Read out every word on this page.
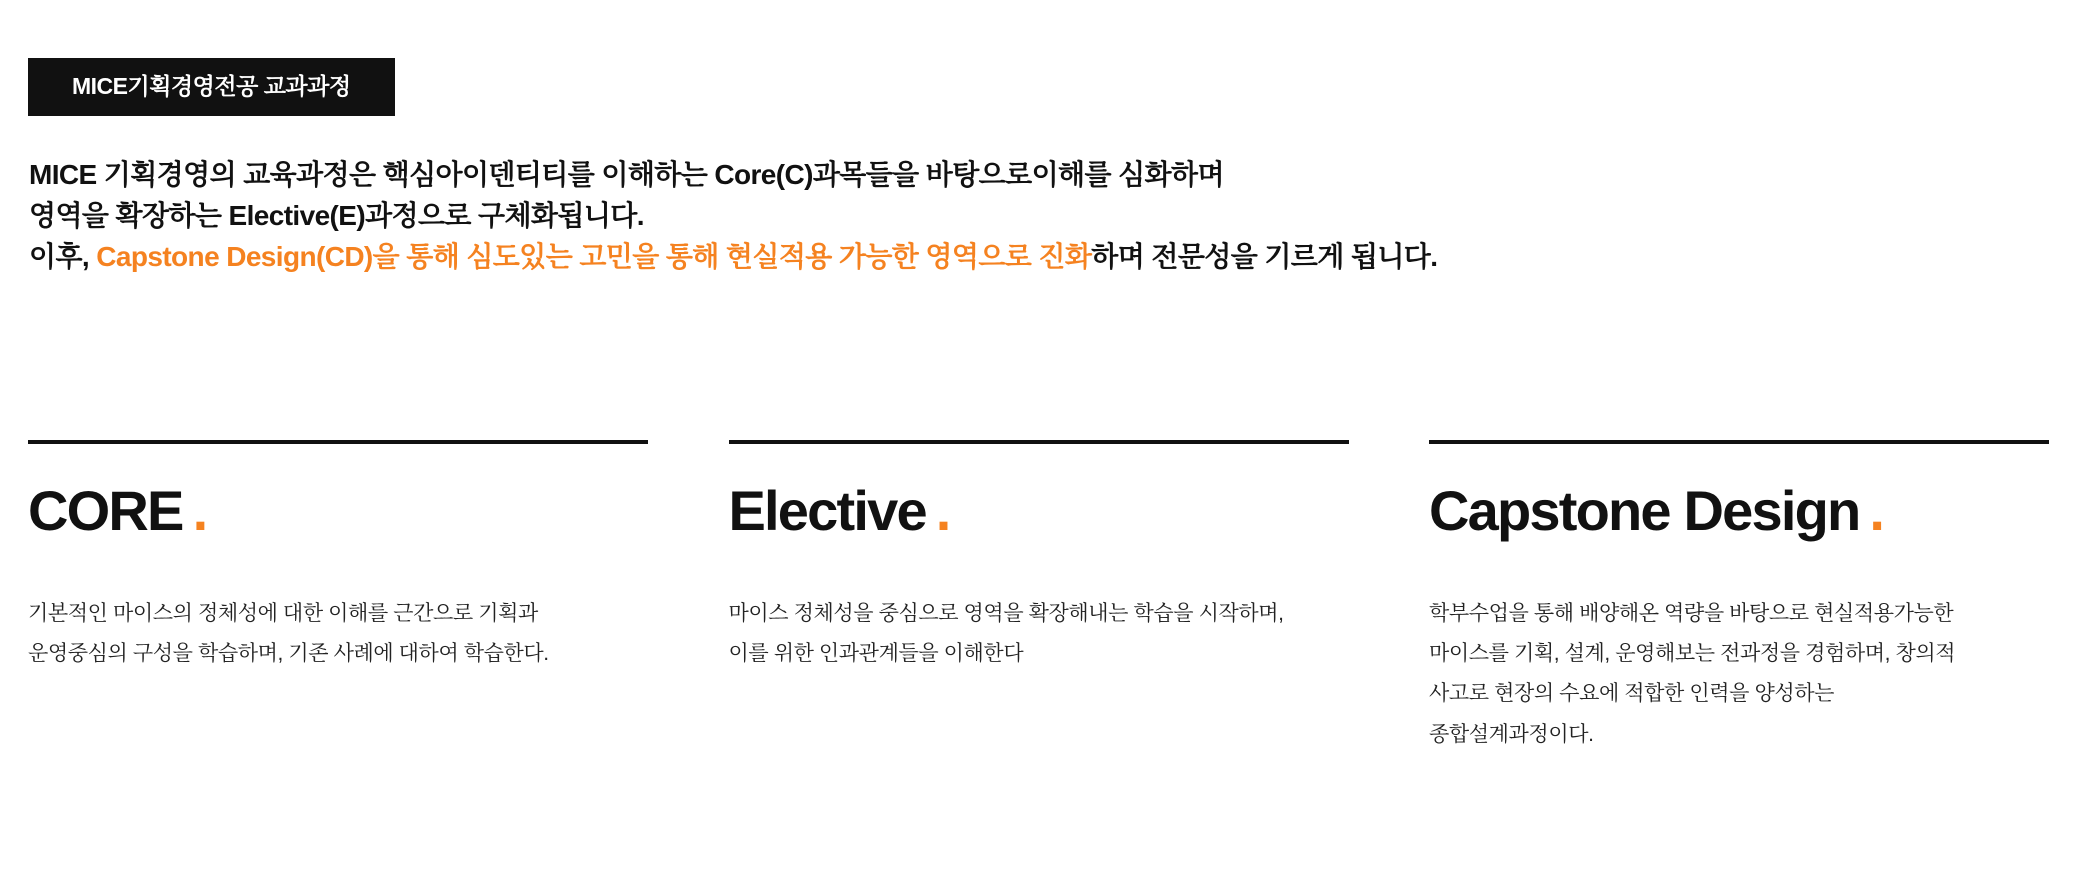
MICE기획경영전공 교과과정
MICE 기획경영의 교육과정은 핵심아이덴티티를 이해하는 Core(C)과목들을 바탕으로이해를 심화하며
영역을 확장하는 Elective(E)과정으로 구체화됩니다.
이후, Capstone Design(CD)을 통해 심도있는 고민을 통해 현실적용 가능한 영역으로 진화하며 전문성을 기르게 됩니다.
CORE .
기본적인 마이스의 정체성에 대한 이해를 근간으로 기획과
운영중심의 구성을 학습하며, 기존 사례에 대하여 학습한다.
Elective .
마이스 정체성을 중심으로 영역을 확장해내는 학습을 시작하며,
이를 위한 인과관계들을 이해한다
Capstone Design .
학부수업을 통해 배양해온 역량을 바탕으로 현실적용가능한
마이스를 기획, 설계, 운영해보는 전과정을 경험하며, 창의적
사고로 현장의 수요에 적합한 인력을 양성하는
종합설계과정이다.
